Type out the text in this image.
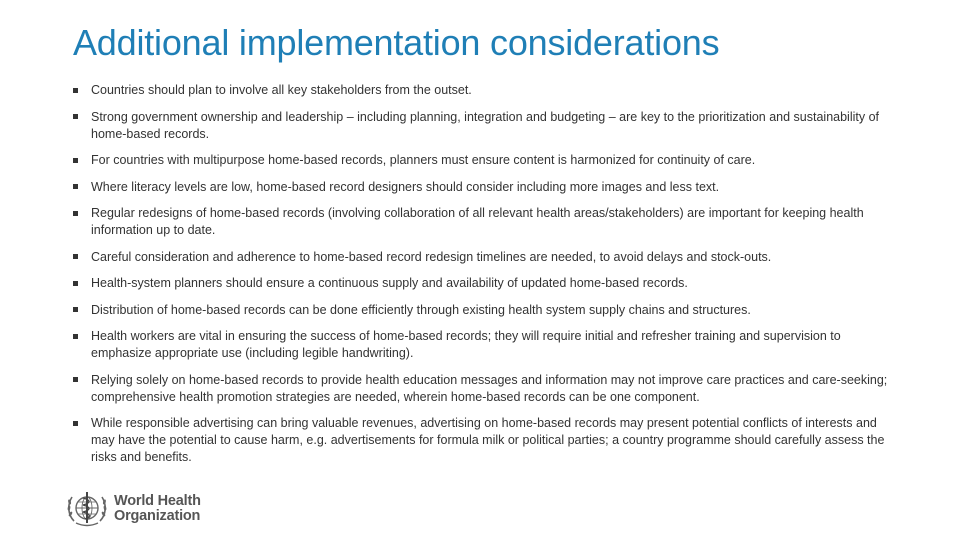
Additional implementation considerations
Countries should plan to involve all key stakeholders from the outset.
Strong government ownership and leadership – including planning, integration and budgeting – are key to the prioritization and sustainability of home-based records.
For countries with multipurpose home-based records, planners must ensure content is harmonized for continuity of care.
Where literacy levels are low, home-based record designers should consider including more images and less text.
Regular redesigns of home-based records (involving collaboration of all relevant health areas/stakeholders) are important for keeping health information up to date.
Careful consideration and adherence to home-based record redesign timelines are needed, to avoid delays and stock-outs.
Health-system planners should ensure a continuous supply and availability of updated home-based records.
Distribution of home-based records can be done efficiently through existing health system supply chains and structures.
Health workers are vital in ensuring the success of home-based records; they will require initial and refresher training and supervision to emphasize appropriate use (including legible handwriting).
Relying solely on home-based records to provide health education messages and information may not improve care practices and care-seeking; comprehensive health promotion strategies are needed, wherein home-based records can be one component.
While responsible advertising can bring valuable revenues, advertising on home-based records may present potential conflicts of interests and may have the potential to cause harm, e.g. advertisements for formula milk or political parties; a country programme should carefully assess the risks and benefits.
World Health
Organization
